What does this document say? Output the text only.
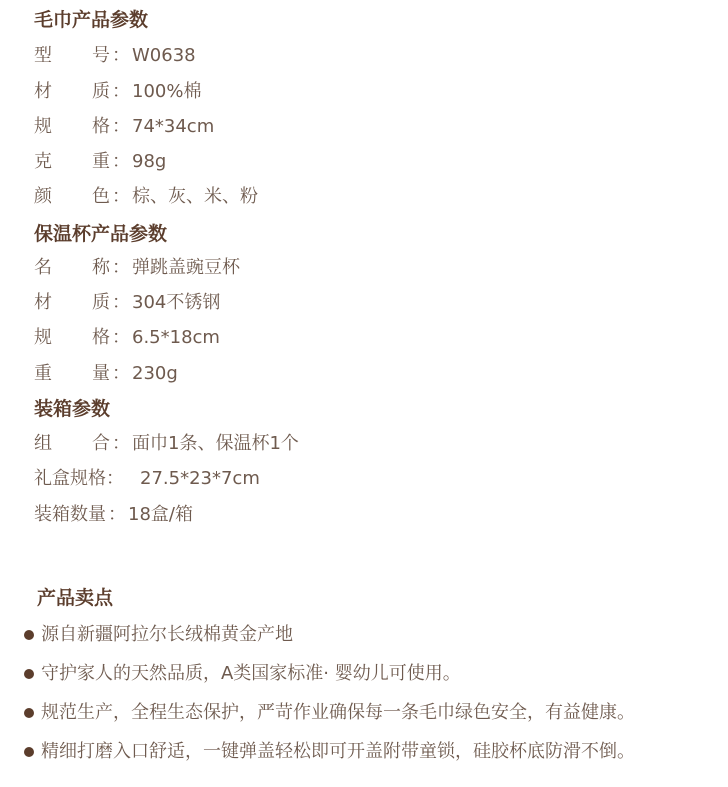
毛巾产品参数
型 号 ： W0638
材 质 ： 100%棉
规 格 ： 74*34cm
克 重 ： 98g
颜 色 ： 棕、灰、米、粉
保温杯产品参数
名 称 ： 弹跳盖豌豆杯
材 质 ： 304不锈钢
规 格 ： 6.5*18cm
重 量 ： 230g
装箱参数
组 合 ： 面巾1条、保温杯1个
礼盒规格： 27.5*23*7cm
装箱数量 ： 18盒/箱
产品卖点
源自新疆阿拉尔长绒棉黄金产地
守护家人的天然品质，A类国家标准· 婴幼儿可使用。
规范生产，全程生态保护，严苛作业确保每一条毛巾绿色安全，有益健康。
精细打磨入口舒适，一键弹盖轻松即可开盖附带童锁，硅胶杯底防滑不倒。
